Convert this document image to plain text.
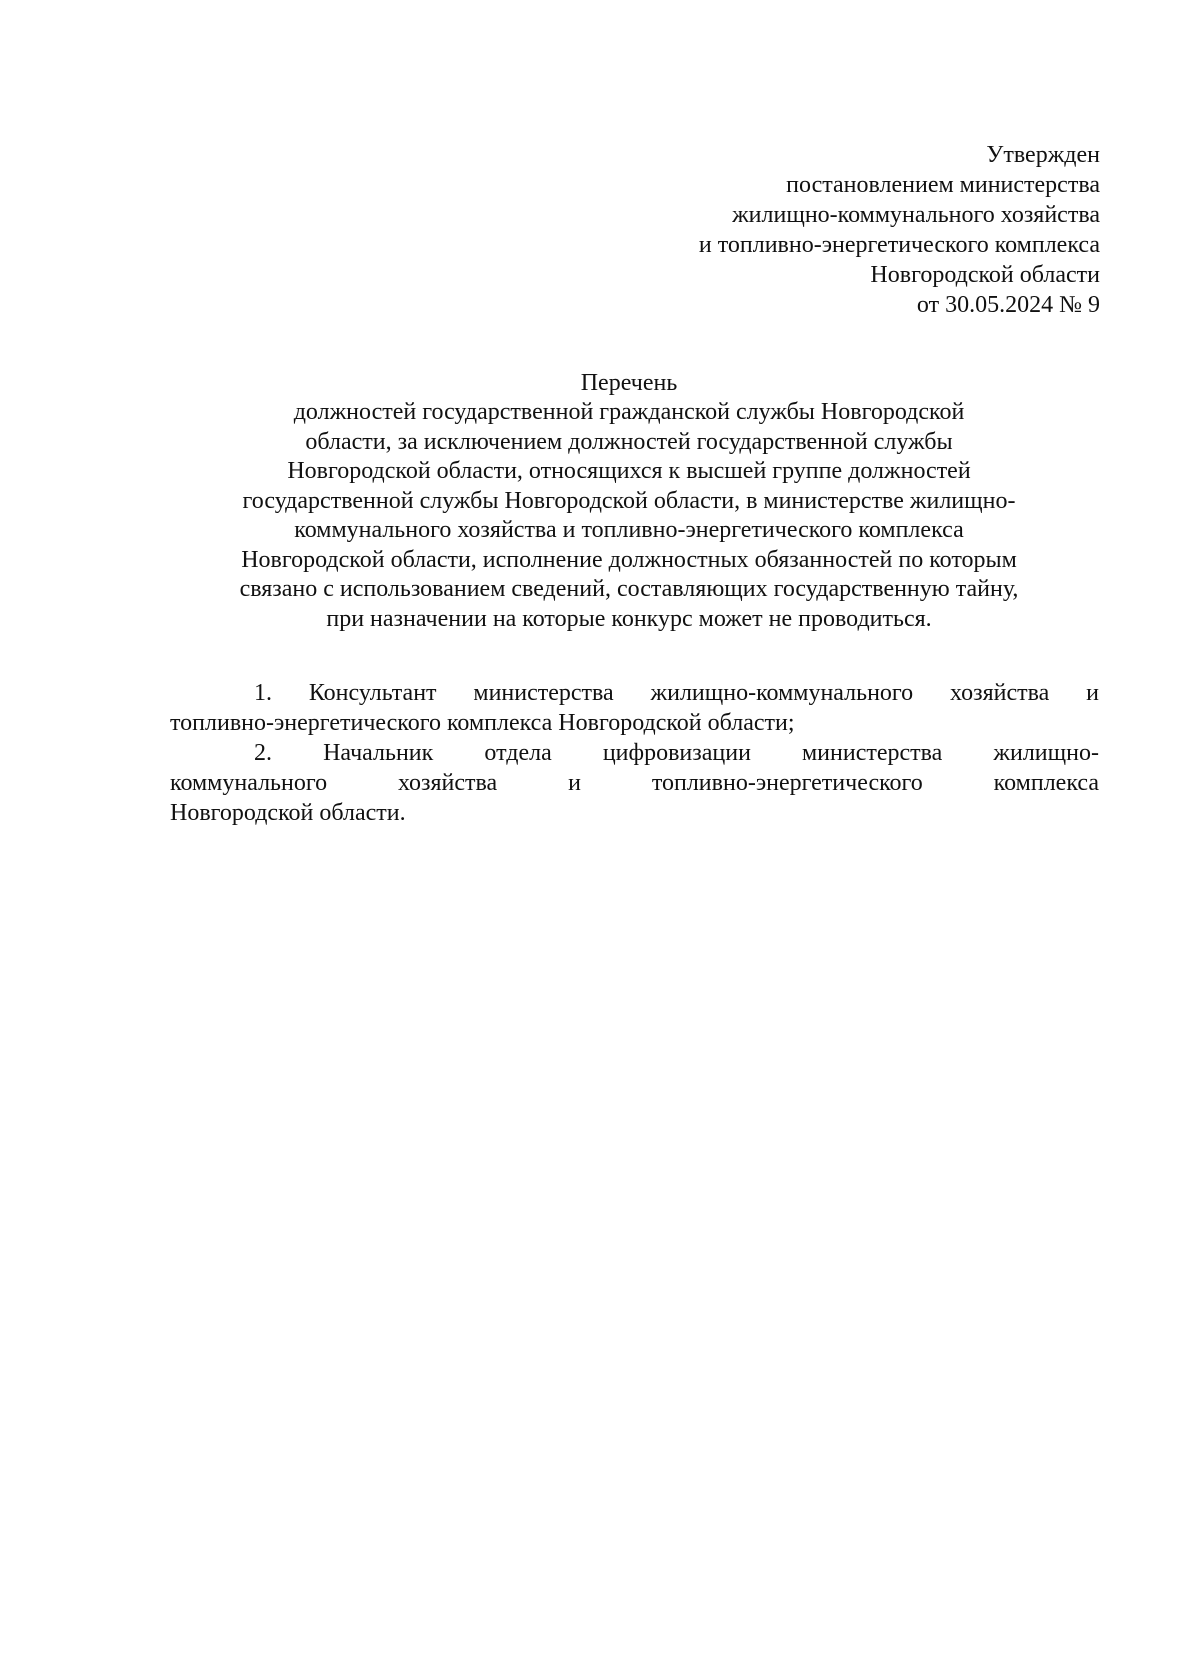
Утвержден
постановлением министерства
жилищно-коммунального хозяйства
и топливно-энергетического комплекса
Новгородской области
от 30.05.2024 № 9
Перечень
должностей государственной гражданской службы Новгородской
области, за исключением должностей государственной службы
Новгородской области, относящихся к высшей группе должностей
государственной службы Новгородской области, в министерстве жилищно-
коммунального хозяйства и топливно-энергетического комплекса
Новгородской области, исполнение должностных обязанностей по которым
связано с использованием сведений, составляющих государственную тайну,
при назначении на которые конкурс может не проводиться.
1. Консультант министерства жилищно-коммунального хозяйства и
топливно-энергетического комплекса Новгородской области;
2. Начальник отдела цифровизации министерства жилищно-
коммунального	хозяйства	и	топливно-энергетического	комплекса
Новгородской области.
